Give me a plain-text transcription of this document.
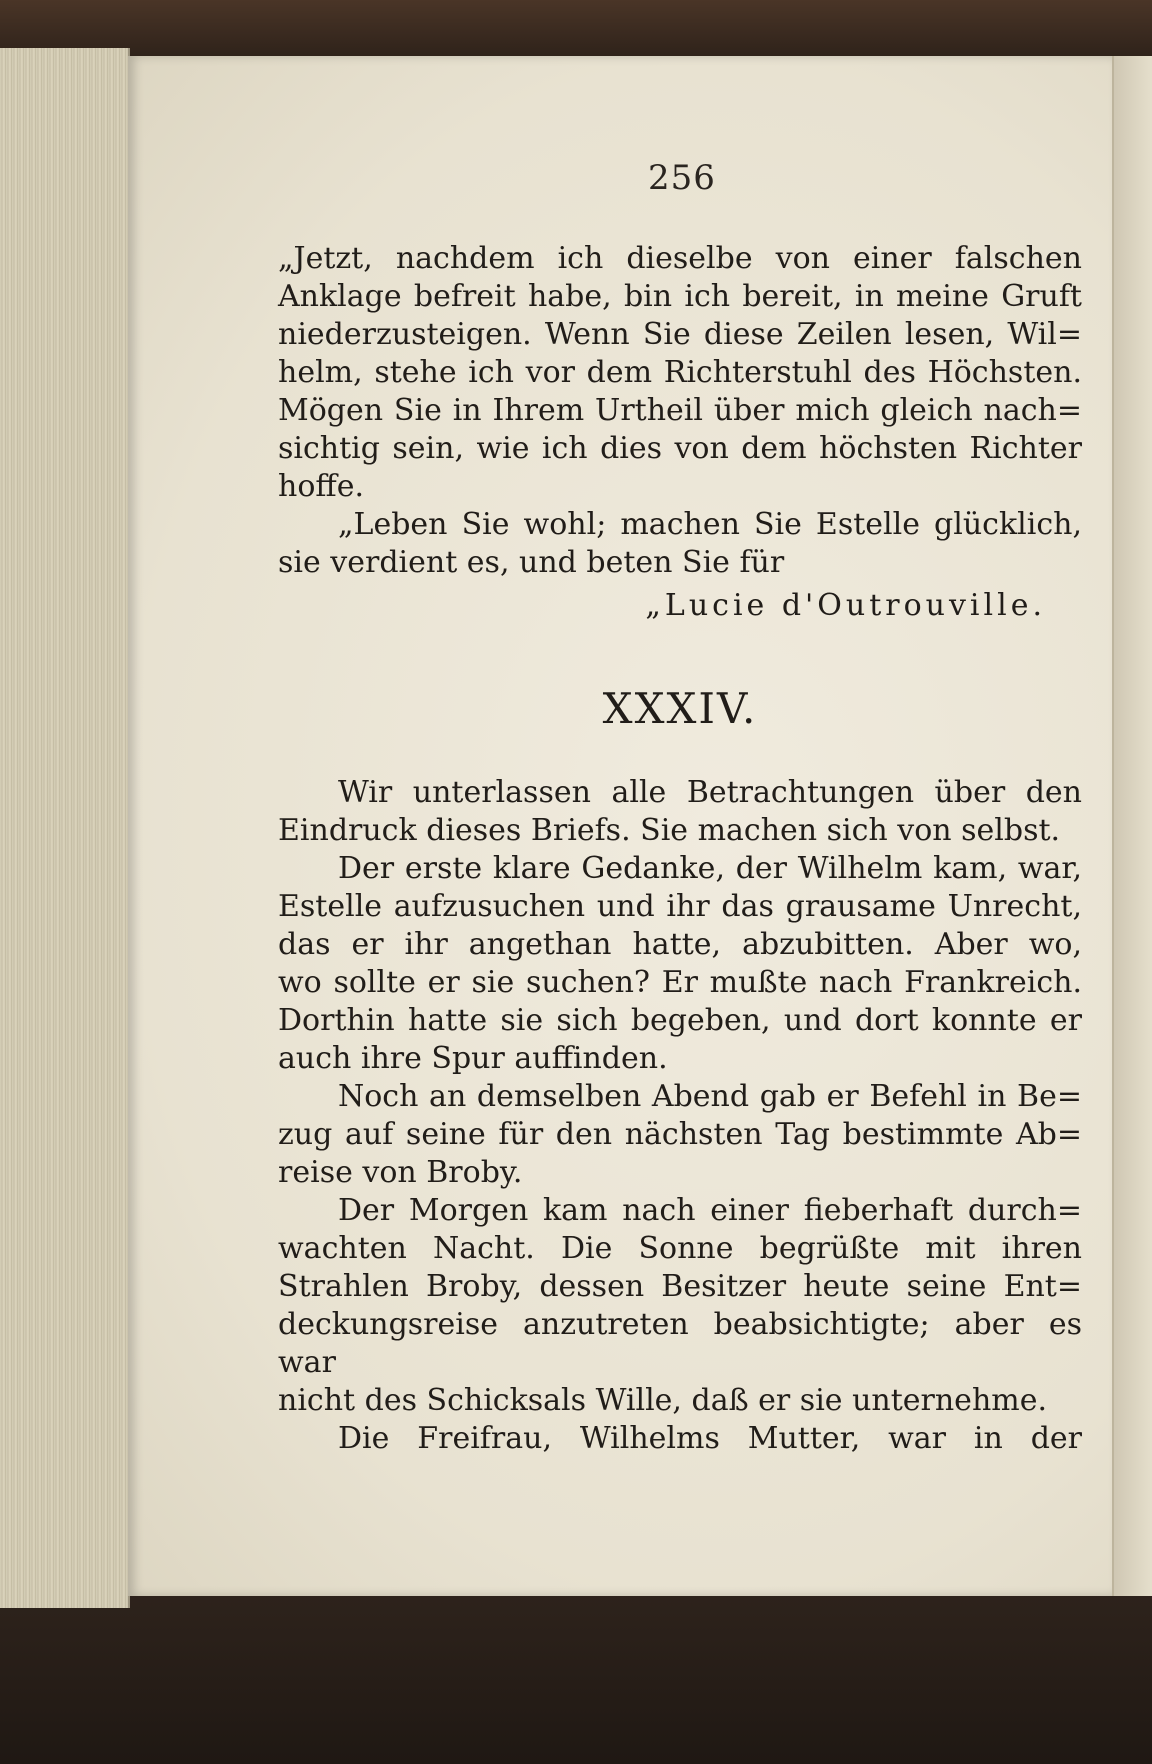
256

„Jetzt, nachdem ich dieselbe von einer falschen

Anklage befreit habe, bin ich bereit, in meine Gruft

niederzusteigen. Wenn Sie diese Zeilen lesen, Wil=

helm, stehe ich vor dem Richterstuhl des Höchsten.

Mögen Sie in Ihrem Urtheil über mich gleich nach=

sichtig sein, wie ich dies von dem höchsten Richter

hoffe.

„Leben Sie wohl; machen Sie Estelle glücklich,

sie verdient es, und beten Sie für

„Lucie d'Outrouville.
XXXIV.

Wir unterlassen alle Betrachtungen über den

Eindruck dieses Briefs. Sie machen sich von selbst.

Der erste klare Gedanke, der Wilhelm kam, war,

Estelle aufzusuchen und ihr das grausame Unrecht,

das er ihr angethan hatte, abzubitten. Aber wo,

wo sollte er sie suchen? Er mußte nach Frankreich.

Dorthin hatte sie sich begeben, und dort konnte er

auch ihre Spur auffinden.

Noch an demselben Abend gab er Befehl in Be=

zug auf seine für den nächsten Tag bestimmte Ab=

reise von Broby.

Der Morgen kam nach einer fieberhaft durch=

wachten Nacht. Die Sonne begrüßte mit ihren

Strahlen Broby, dessen Besitzer heute seine Ent=

deckungsreise anzutreten beabsichtigte; aber es war

nicht des Schicksals Wille, daß er sie unternehme.

Die Freifrau, Wilhelms Mutter, war in der
